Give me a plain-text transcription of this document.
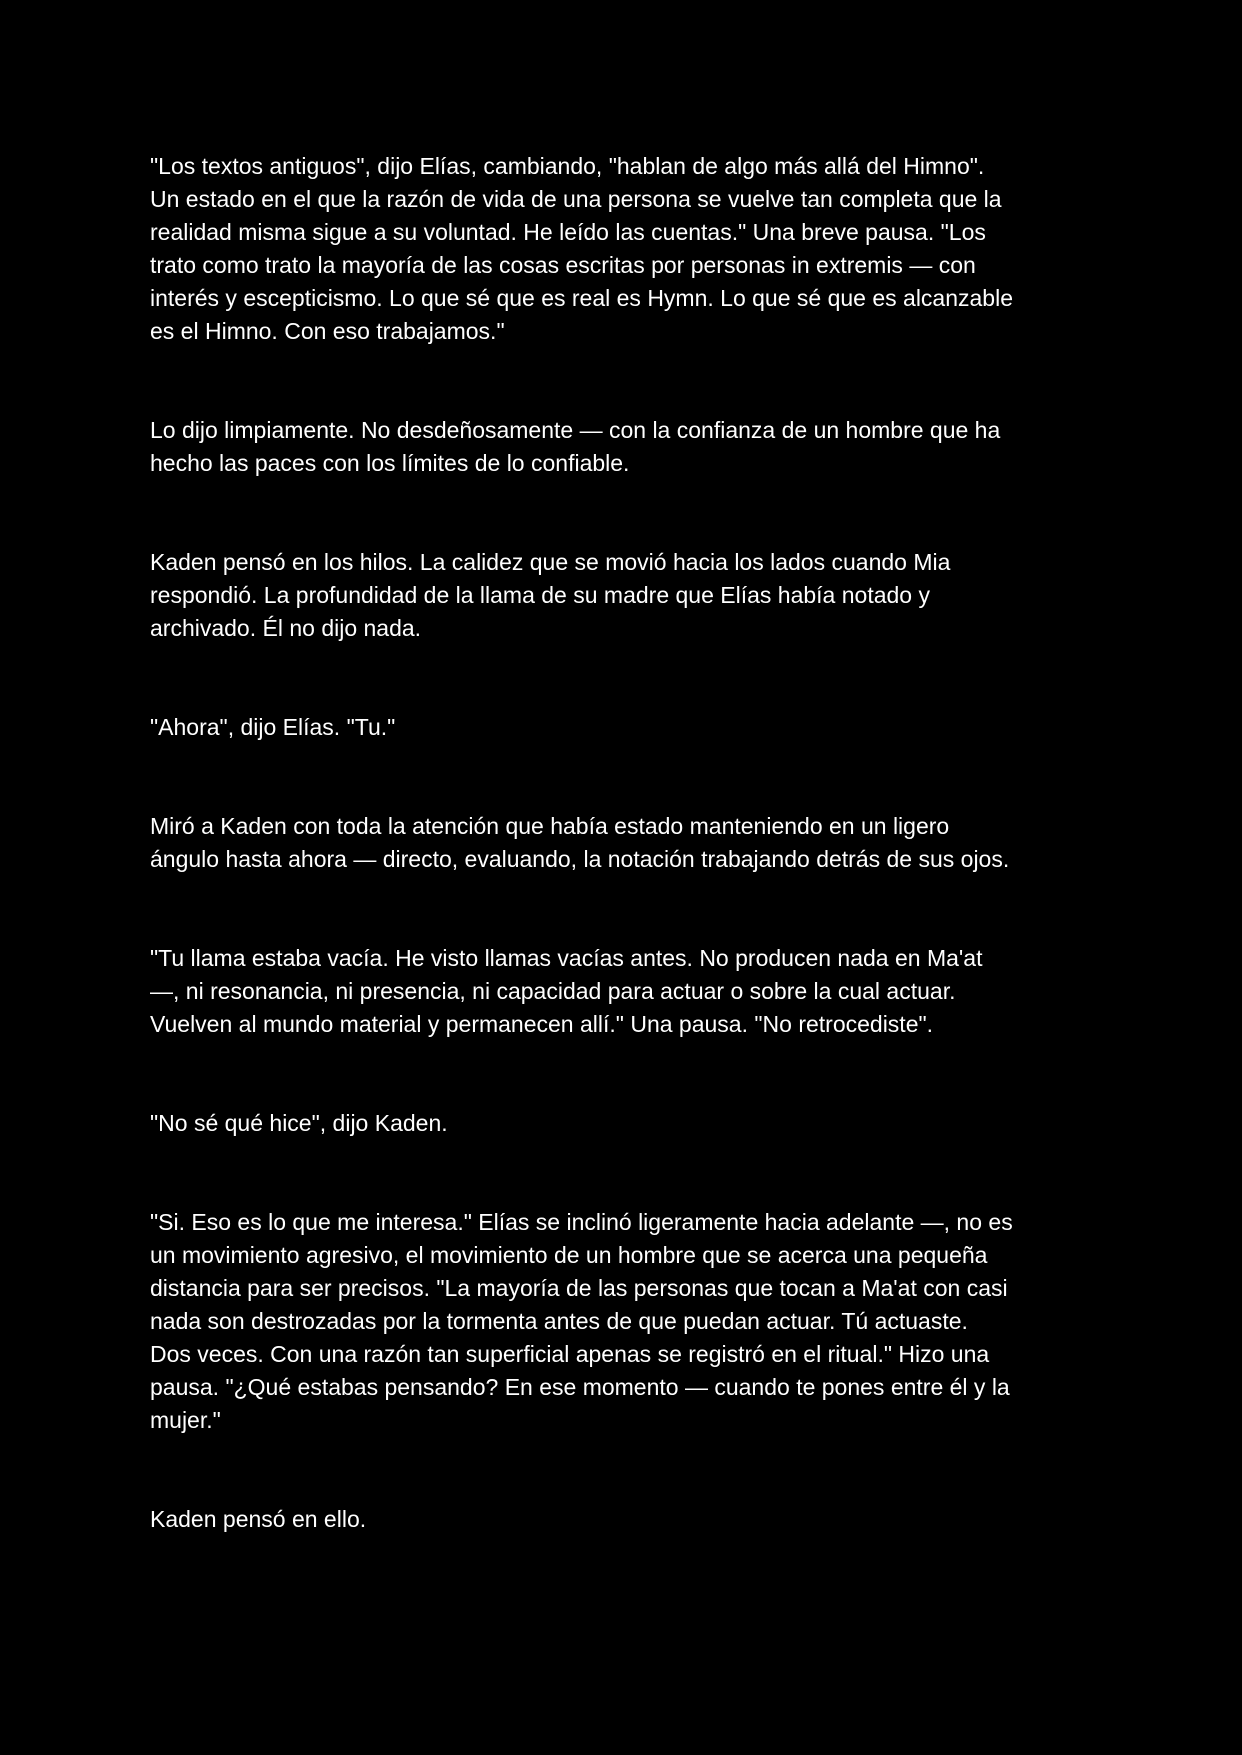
"Los textos antiguos", dijo Elías, cambiando, "hablan de algo más allá del Himno".
Un estado en el que la razón de vida de una persona se vuelve tan completa que la
realidad misma sigue a su voluntad. He leído las cuentas." Una breve pausa. "Los
trato como trato la mayoría de las cosas escritas por personas in extremis — con
interés y escepticismo. Lo que sé que es real es Hymn. Lo que sé que es alcanzable
es el Himno. Con eso trabajamos."

Lo dijo limpiamente. No desdeñosamente — con la confianza de un hombre que ha
hecho las paces con los límites de lo confiable.

Kaden pensó en los hilos. La calidez que se movió hacia los lados cuando Mia
respondió. La profundidad de la llama de su madre que Elías había notado y
archivado. Él no dijo nada.

"Ahora", dijo Elías. "Tu."

Miró a Kaden con toda la atención que había estado manteniendo en un ligero
ángulo hasta ahora — directo, evaluando, la notación trabajando detrás de sus ojos.

"Tu llama estaba vacía. He visto llamas vacías antes. No producen nada en Ma'at
—, ni resonancia, ni presencia, ni capacidad para actuar o sobre la cual actuar.
Vuelven al mundo material y permanecen allí." Una pausa. "No retrocediste".

"No sé qué hice", dijo Kaden.

"Si. Eso es lo que me interesa." Elías se inclinó ligeramente hacia adelante —, no es
un movimiento agresivo, el movimiento de un hombre que se acerca una pequeña
distancia para ser precisos. "La mayoría de las personas que tocan a Ma'at con casi
nada son destrozadas por la tormenta antes de que puedan actuar. Tú actuaste.
Dos veces. Con una razón tan superficial apenas se registró en el ritual." Hizo una
pausa. "¿Qué estabas pensando? En ese momento — cuando te pones entre él y la
mujer."

Kaden pensó en ello.
